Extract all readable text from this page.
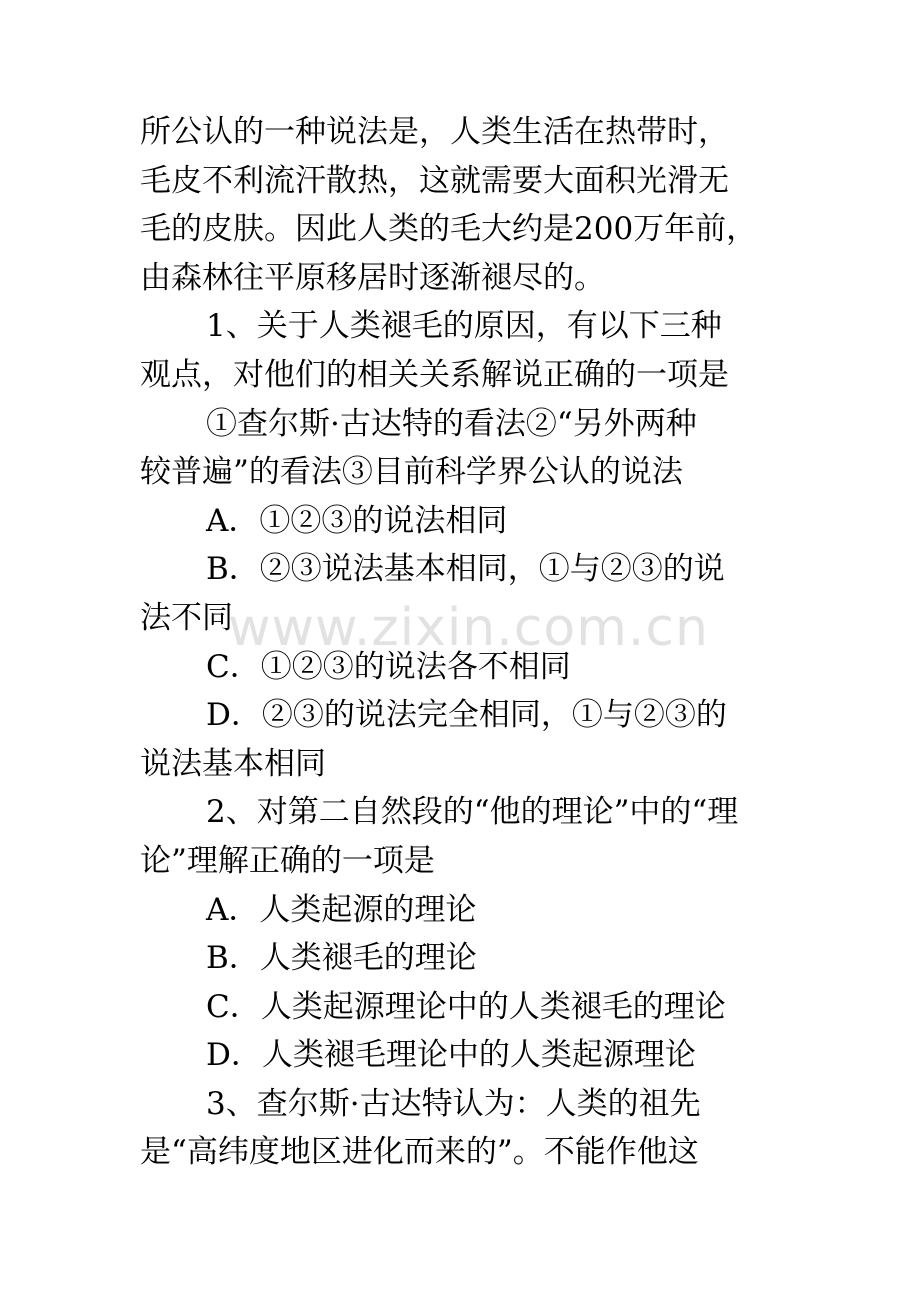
所公认的一种说法是，人类生活在热带时，
毛皮不利流汗散热，这就需要大面积光滑无
毛的皮肤。因此人类的毛大约是200万年前，
由森林往平原移居时逐渐褪尽的。
1、关于人类褪毛的原因，有以下三种
观点，对他们的相关关系解说正确的一项是
①查尔斯·古达特的看法②“另外两种
较普遍”的看法③目前科学界公认的说法
A．①②③的说法相同
B．②③说法基本相同，①与②③的说
法不同
C．①②③的说法各不相同
D．②③的说法完全相同，①与②③的
说法基本相同
2、对第二自然段的“他的理论”中的“理
论”理解正确的一项是
A．人类起源的理论
B．人类褪毛的理论
C．人类起源理论中的人类褪毛的理论
D．人类褪毛理论中的人类起源理论
3、查尔斯·古达特认为：人类的祖先
是“高纬度地区进化而来的”。不能作他这
www.zixin.com.cn
